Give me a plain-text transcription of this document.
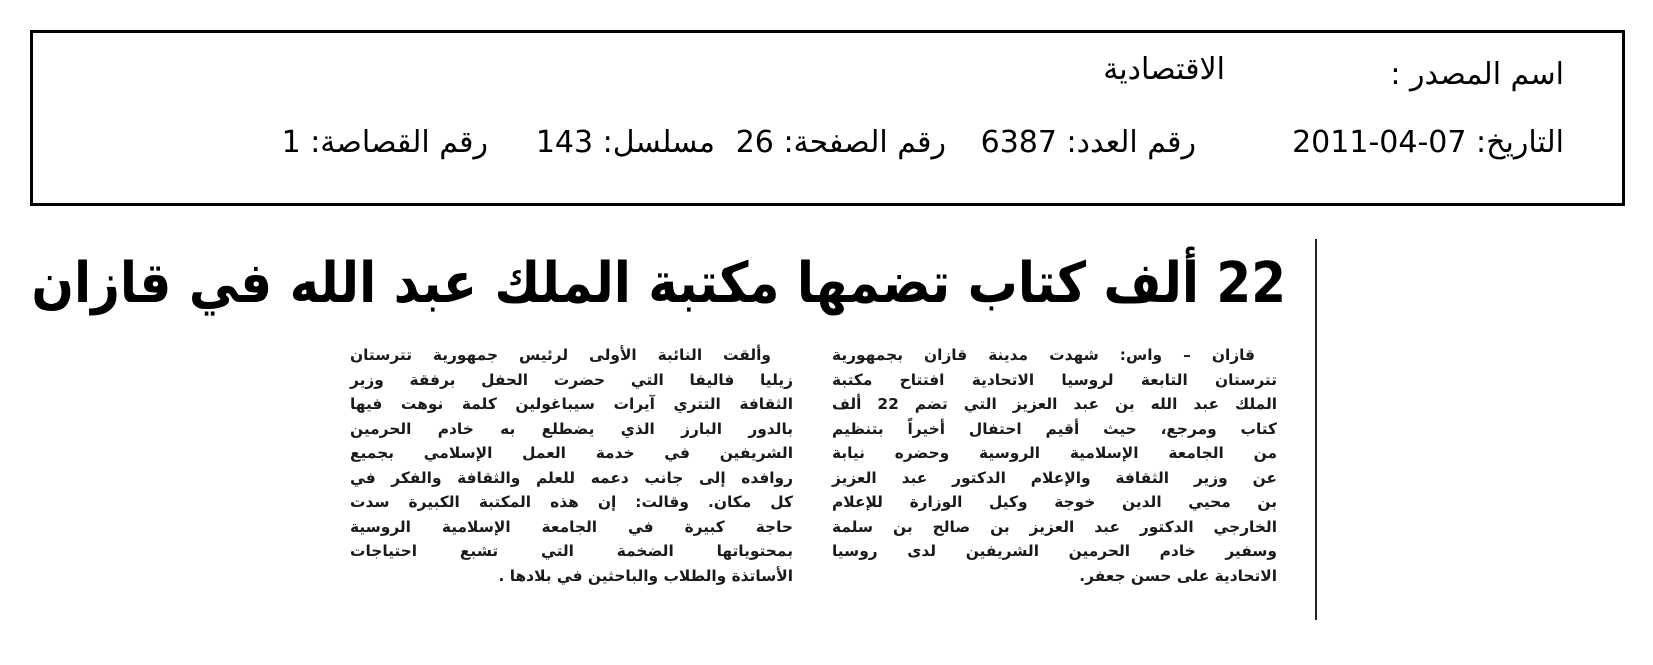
اسم المصدر :
الاقتصادية
التاريخ: 07-04-2011
رقم العدد: 6387
رقم الصفحة: 26
مسلسل: 143
رقم القصاصة: 1
22 ألف كتاب تضمها مكتبة الملك عبد الله في قازان
قازان – واس: شهدت مدينة قازان بجمهورية
تترستان التابعة لروسيا الاتحادية افتتاح مكتبة
الملك عبد الله بن عبد العزيز التي تضم 22 ألف
كتاب ومرجع، حيث أقيم احتفال أخيراً بتنظيم
من الجامعة الإسلامية الروسية وحضره نيابة
عن وزير الثقافة والإعلام الدكتور عبد العزيز
بن محيي الدين خوجة وكيل الوزارة للإعلام
الخارجي الدكتور عبد العزيز بن صالح بن سلمة
وسفير خادم الحرمين الشريفين لدى روسيا
الاتحادية على حسن جعفر.
وألقت النائبة الأولى لرئيس جمهورية تترستان
زيليا فاليفا التي حضرت الحفل برفقة وزير
الثقافة التتري آيرات سيباغولين كلمة نوهت فيها
بالدور البارز الذي يضطلع به خادم الحرمين
الشريفين في خدمة العمل الإسلامي بجميع
روافده إلى جانب دعمه للعلم والثقافة والفكر في
كل مكان. وقالت: إن هذه المكتبة الكبيرة سدت
حاجة كبيرة في الجامعة الإسلامية الروسية
بمحتوياتها الضخمة التي تشبع احتياجات
الأساتذة والطلاب والباحثين في بلادها .
